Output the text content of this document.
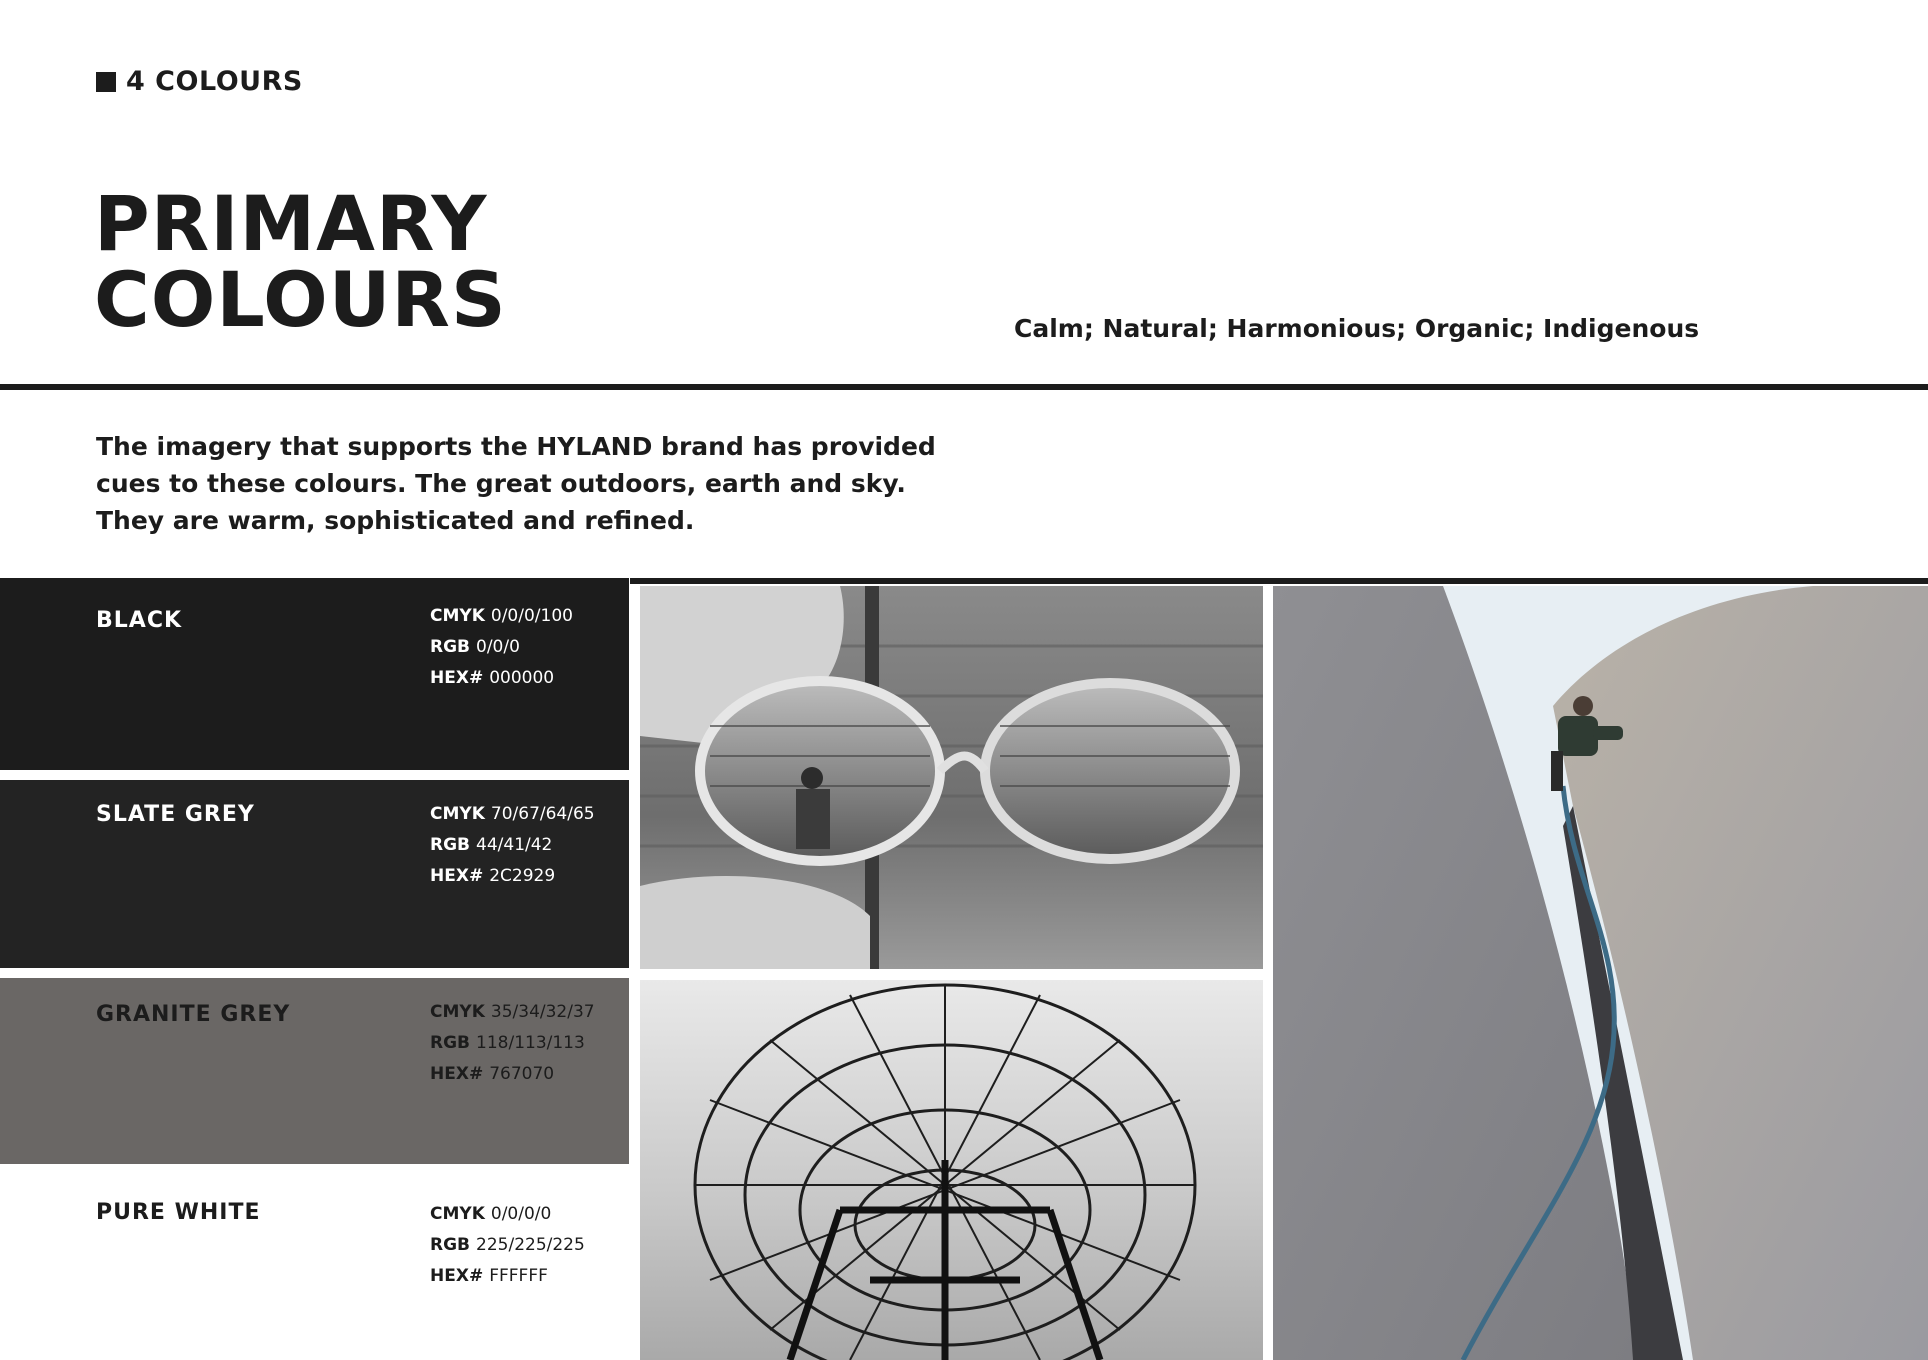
4 COLOURS
PRIMARY
COLOURS	Calm; Natural; Harmonious; Organic; Indigenous

The imagery that supports the HYLAND brand has provided cues to these colours. The great outdoors, earth and sky. They are warm, sophisticated and refined.

BLACK	CMYK 0/0/0/100
RGB 0/0/0
HEX# 000000
SLATE GREY	CMYK 70/67/64/65
RGB 44/41/42
HEX# 2C2929
GRANITE GREY	CMYK 35/34/32/37
RGB 118/113/113
HEX# 767070
PURE WHITE	CMYK 0/0/0/0
RGB 225/225/225
HEX# FFFFFF
